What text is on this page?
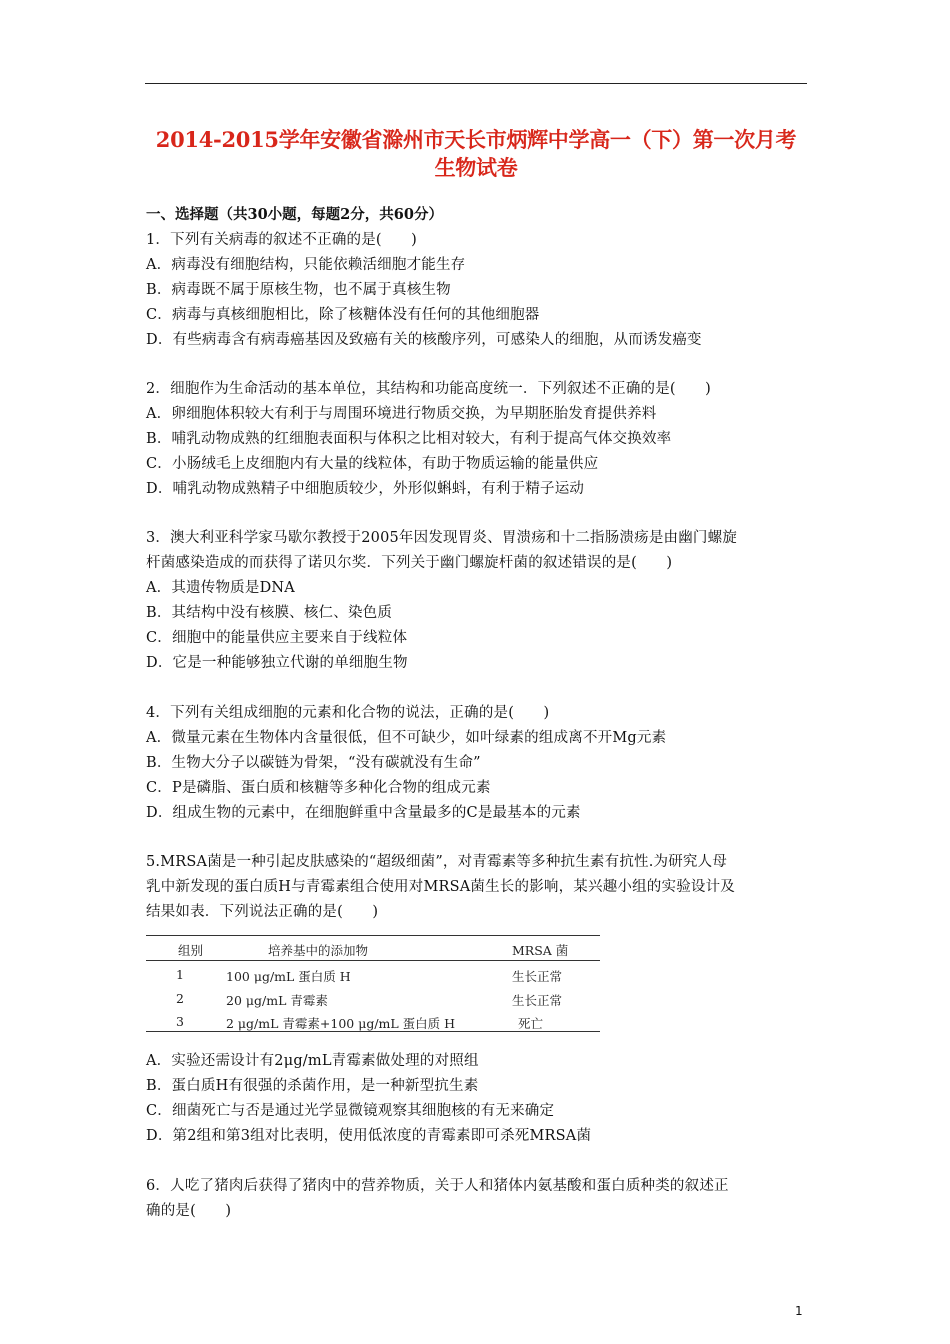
2014-2015学年安徽省滁州市天长市炳辉中学高一（下）第一次月考
生物试卷
一、选择题（共30小题，每题2分，共60分）
1．下列有关病毒的叙述不正确的是(　　)
A．病毒没有细胞结构，只能依赖活细胞才能生存
B．病毒既不属于原核生物，也不属于真核生物
C．病毒与真核细胞相比，除了核糖体没有任何的其他细胞器
D．有些病毒含有病毒癌基因及致癌有关的核酸序列，可感染人的细胞，从而诱发癌变
2．细胞作为生命活动的基本单位，其结构和功能高度统一．下列叙述不正确的是(　　)
A．卵细胞体积较大有利于与周围环境进行物质交换，为早期胚胎发育提供养料
B．哺乳动物成熟的红细胞表面积与体积之比相对较大，有利于提高气体交换效率
C．小肠绒毛上皮细胞内有大量的线粒体，有助于物质运输的能量供应
D．哺乳动物成熟精子中细胞质较少，外形似蝌蚪，有利于精子运动
3．澳大利亚科学家马歇尔教授于2005年因发现胃炎、胃溃疡和十二指肠溃疡是由幽门螺旋
杆菌感染造成的而获得了诺贝尔奖．下列关于幽门螺旋杆菌的叙述错误的是(　　)
A．其遗传物质是DNA
B．其结构中没有核膜、核仁、染色质
C．细胞中的能量供应主要来自于线粒体
D．它是一种能够独立代谢的单细胞生物
4．下列有关组成细胞的元素和化合物的说法，正确的是(　　)
A．微量元素在生物体内含量很低，但不可缺少，如叶绿素的组成离不开Mg元素
B．生物大分子以碳链为骨架，“没有碳就没有生命”
C．P是磷脂、蛋白质和核糖等多种化合物的组成元素
D．组成生物的元素中，在细胞鲜重中含量最多的C是最基本的元素
5.MRSA菌是一种引起皮肤感染的“超级细菌”，对青霉素等多种抗生素有抗性.为研究人母
乳中新发现的蛋白质H与青霉素组合使用对MRSA菌生长的影响，某兴趣小组的实验设计及
结果如表．下列说法正确的是(　　)
组别	培养基中的添加物	MRSA 菌
1	100 μg/mL 蛋白质 H	生长正常
2	20 μg/mL 青霉素	生长正常
3	2 μg/mL 青霉素+100 μg/mL 蛋白质 H	死亡
A．实验还需设计有2μg/mL青霉素做处理的对照组
B．蛋白质H有很强的杀菌作用，是一种新型抗生素
C．细菌死亡与否是通过光学显微镜观察其细胞核的有无来确定
D．第2组和第3组对比表明，使用低浓度的青霉素即可杀死MRSA菌
6．人吃了猪肉后获得了猪肉中的营养物质，关于人和猪体内氨基酸和蛋白质种类的叙述正
确的是(　　)
1
